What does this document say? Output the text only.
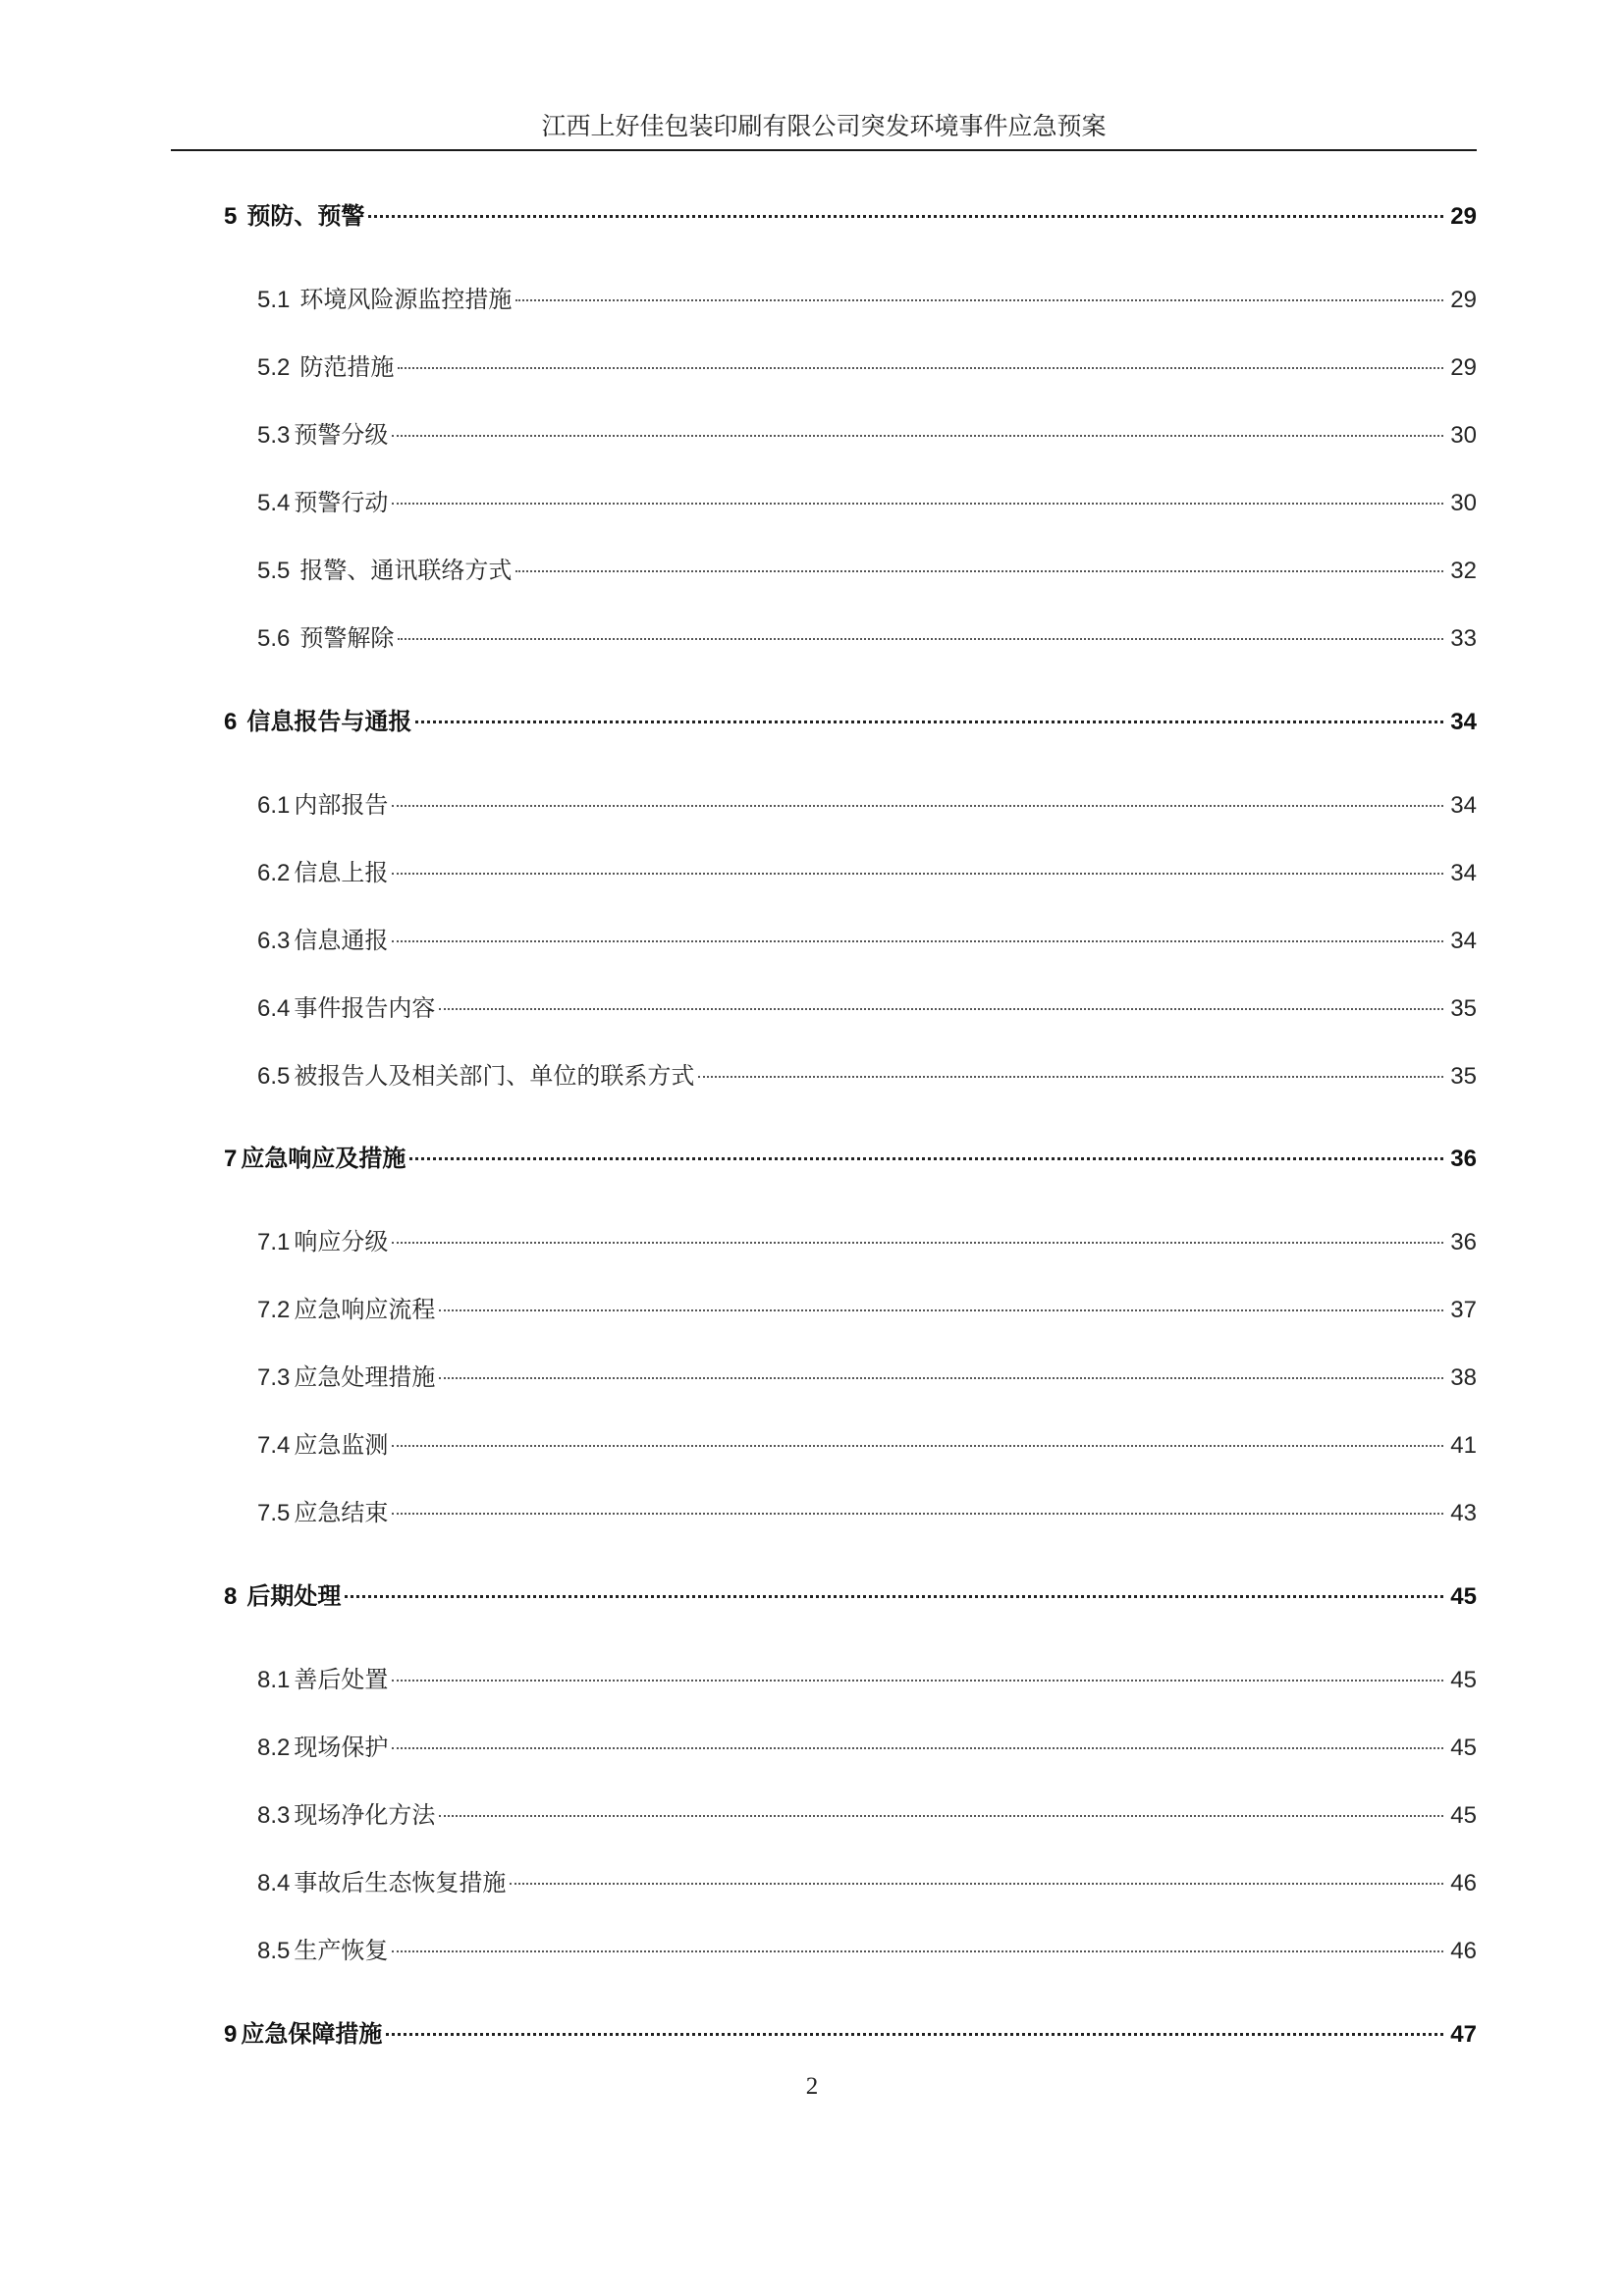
江西上好佳包装印刷有限公司突发环境事件应急预案
5 预防、预警	29
5.1 环境风险源监控措施	29
5.2 防范措施	29
5.3 预警分级	30
5.4 预警行动	30
5.5 报警、通讯联络方式	32
5.6 预警解除	33
6 信息报告与通报	34
6.1 内部报告	34
6.2 信息上报	34
6.3 信息通报	34
6.4 事件报告内容	35
6.5 被报告人及相关部门、单位的联系方式	35
7 应急响应及措施	36
7.1 响应分级	36
7.2 应急响应流程	37
7.3 应急处理措施	38
7.4 应急监测	41
7.5 应急结束	43
8 后期处理	45
8.1 善后处置	45
8.2 现场保护	45
8.3 现场净化方法	45
8.4 事故后生态恢复措施	46
8.5 生产恢复	46
9 应急保障措施	47
2
